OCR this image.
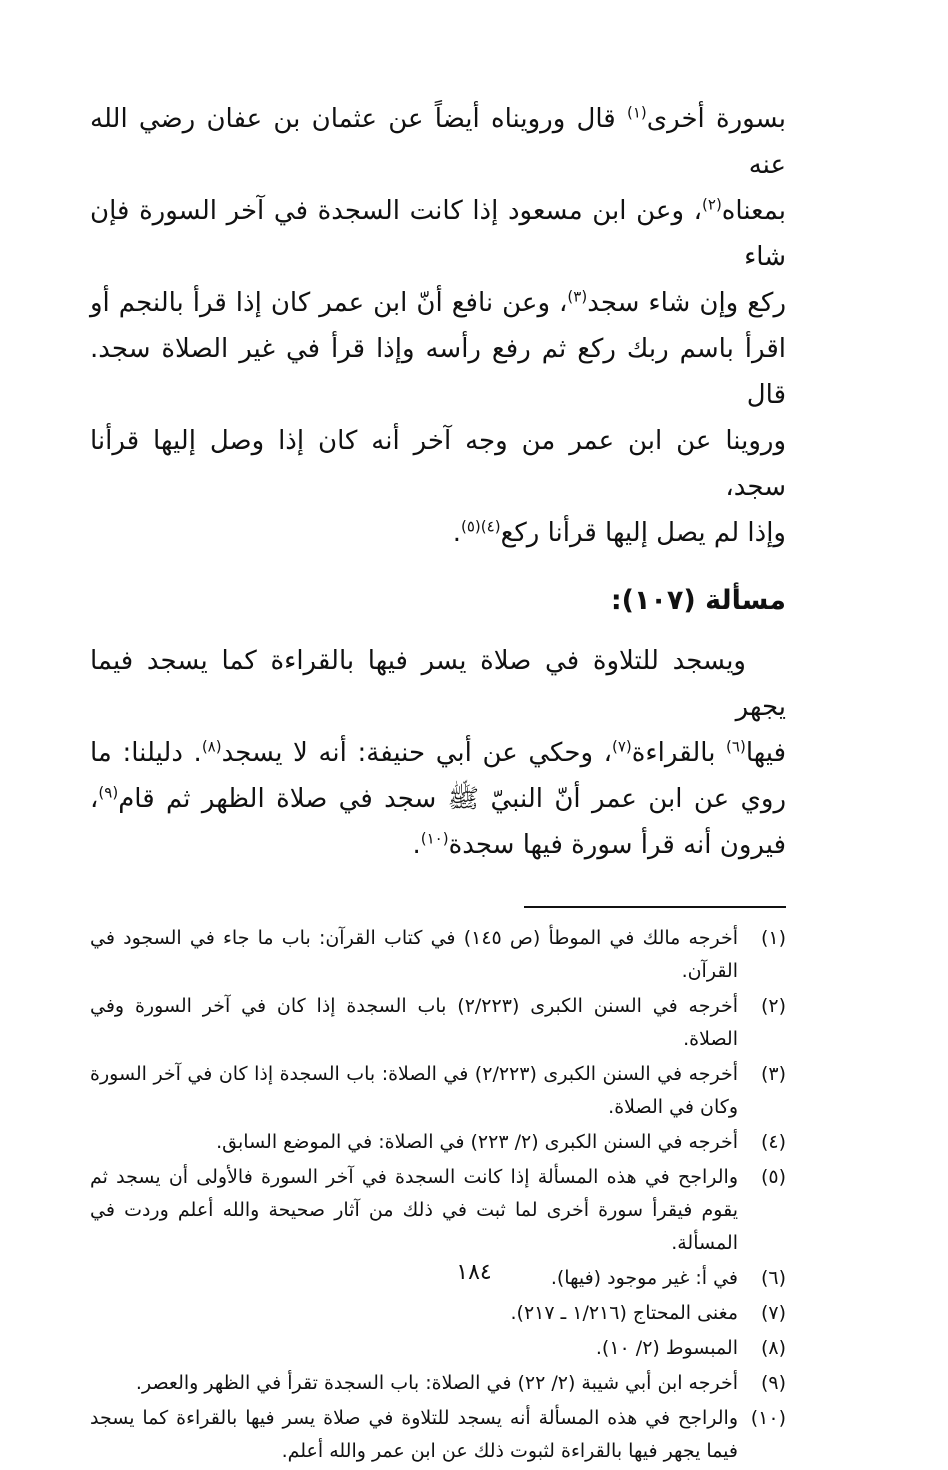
بسورة أخرى$^{(١)}$ قال ورويناه أيضاً عن عثمان بن عفان رضي الله عنه

بمعناه$^{(٢)}$، وعن ابن مسعود إذا كانت السجدة في آخر السورة فإن شاء

ركع وإن شاء سجد$^{(٣)}$، وعن نافع أنّ ابن عمر كان إذا قرأ بالنجم أو

اقرأ باسم ربك ركع ثم رفع رأسه وإذا قرأ في غير الصلاة سجد. قال

وروينا عن ابن عمر من وجه آخر أنه كان إذا وصل إليها قرأنا سجد،

وإذا لم يصل إليها قرأنا ركع$^{(٤)(٥)}$.

مسألة (١٠٧):

ويسجد للتلاوة في صلاة يسر فيها بالقراءة كما يسجد فيما يجهر

فيها$^{(٦)}$ بالقراءة$^{(٧)}$، وحكي عن أبي حنيفة: أنه لا يسجد$^{(٨)}$. دليلنا: ما

روي عن ابن عمر أنّ النبيّ ﷺ سجد في صلاة الظهر ثم قام$^{(٩)}$،

فيرون أنه قرأ سورة فيها سجدة$^{(١٠)}$.

(١)
أخرجه مالك في الموطأ (ص ١٤٥) في كتاب القرآن: باب ما جاء في السجود في القرآن.
(٢)
أخرجه في السنن الكبرى (٢/٢٢٣) باب السجدة إذا كان في آخر السورة وفي الصلاة.
(٣)
أخرجه في السنن الكبرى (٢/٢٢٣) في الصلاة: باب السجدة إذا كان في آخر السورة وكان في الصلاة.
(٤)
أخرجه في السنن الكبرى (٢/ ٢٢٣) في الصلاة: في الموضع السابق.
(٥)
والراجح في هذه المسألة إذا كانت السجدة في آخر السورة فالأولى أن يسجد ثم يقوم فيقرأ سورة أخرى لما ثبت في ذلك من آثار صحيحة والله أعلم وردت في المسألة.
(٦)
في أ: غير موجود (فيها).
(٧)
مغنى المحتاج (١/٢١٦ ـ ٢١٧).
(٨)
المبسوط (٢/ ١٠).
(٩)
أخرجه ابن أبي شيبة (٢/ ٢٢) في الصلاة: باب السجدة تقرأ في الظهر والعصر.
(١٠)
والراجح في هذه المسألة أنه يسجد للتلاوة في صلاة يسر فيها بالقراءة كما يسجد فيما يجهر فيها بالقراءة لثبوت ذلك عن ابن عمر والله أعلم.
١٨٤
